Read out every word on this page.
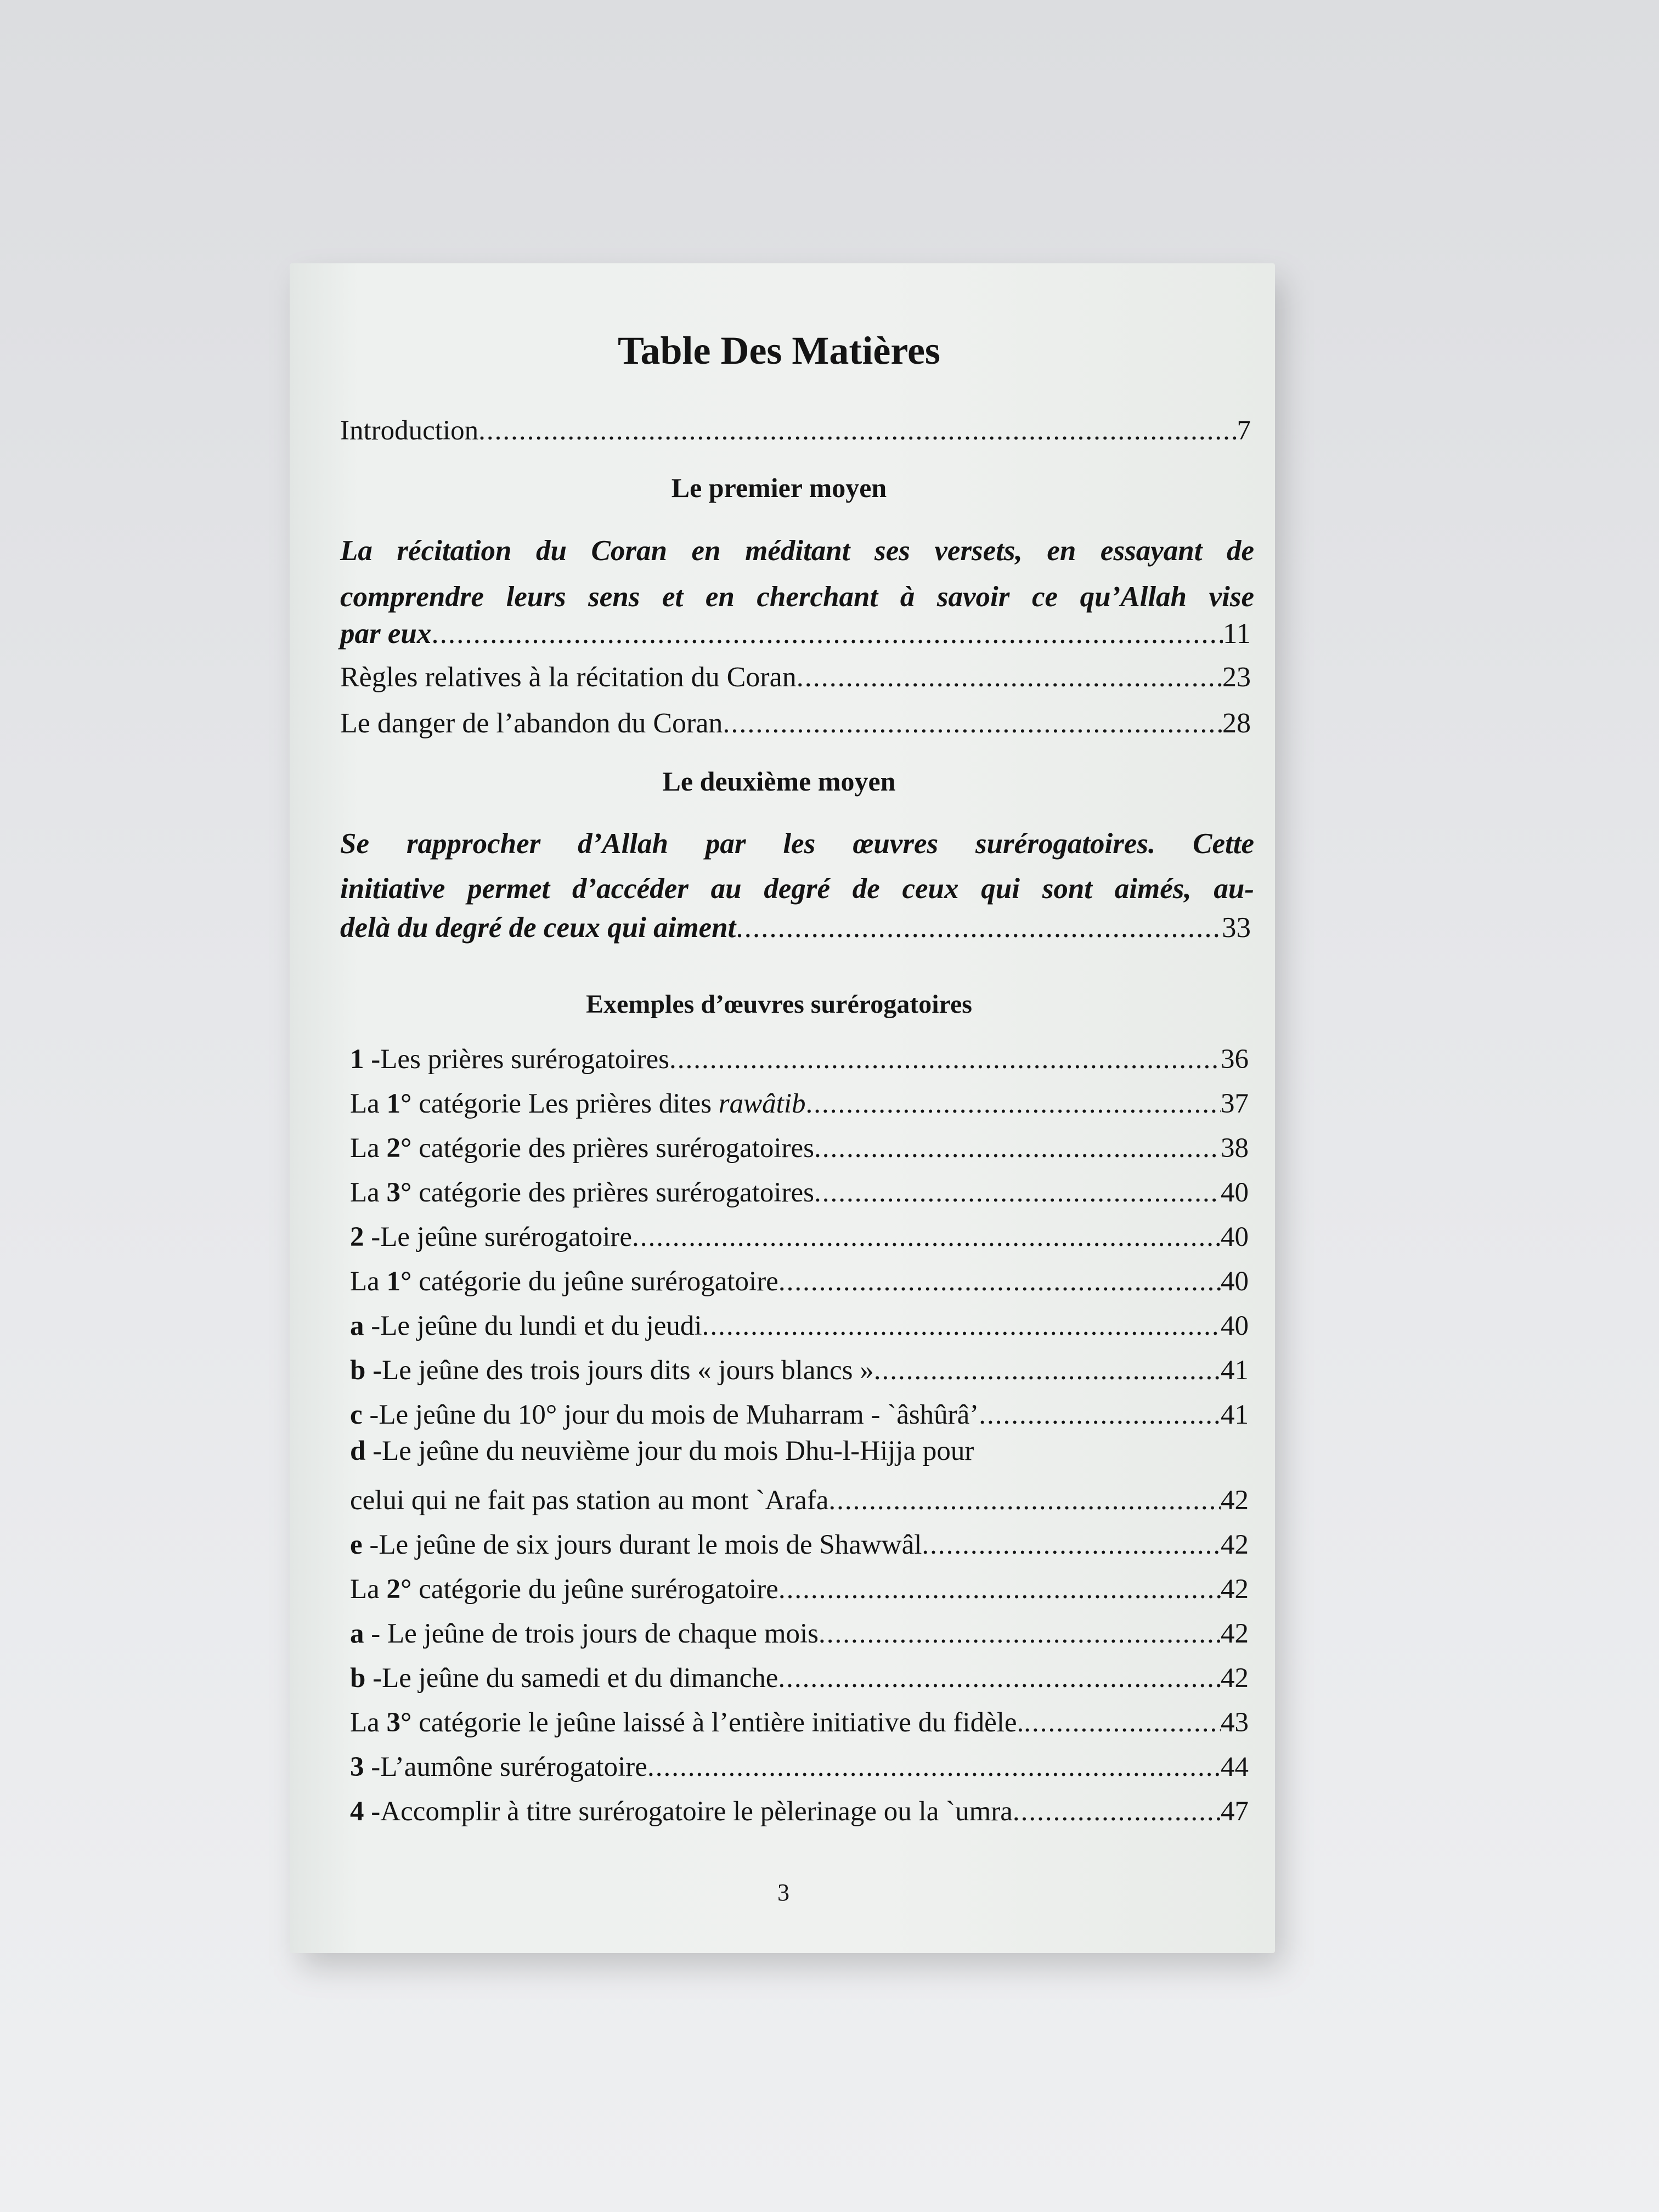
Table Des Matières
Introduction .....	7
Le premier moyen
La récitation du Coran en méditant ses versets, en essayant de
comprendre leurs sens et en cherchant à savoir ce qu’Allah vise
par eux .....	11
Règles relatives à la récitation du Coran .....	23
Le danger de l’abandon du Coran .....	28
Le deuxième moyen
Se rapprocher d’Allah par les œuvres surérogatoires. Cette
initiative permet d’accéder au degré de ceux qui sont aimés, au-
delà du degré de ceux qui aiment .....	33
Exemples d’œuvres surérogatoires
1 -Les prières surérogatoires .....	36
La 1° catégorie Les prières dites rawâtib .....	37
La 2° catégorie des prières surérogatoires .....	38
La 3° catégorie des prières surérogatoires .....	40
2 -Le jeûne surérogatoire .....	40
La 1° catégorie du jeûne surérogatoire .....	40
a -Le jeûne du lundi et du jeudi .....	40
b -Le jeûne des trois jours dits « jours blancs » .....	41
c -Le jeûne du 10° jour du mois de Muharram - `âshûrâ’ .....	41
d -Le jeûne du neuvième jour du mois Dhu-l-Hijja pour
celui qui ne fait pas station au mont `Arafa .....	42
e -Le jeûne de six jours durant le mois de Shawwâl .....	42
La 2° catégorie du jeûne surérogatoire .....	42
a - Le jeûne de trois jours de chaque mois .....	42
b -Le jeûne du samedi et du dimanche .....	42
La 3° catégorie le jeûne laissé à l’entière initiative du fidèle. .....	43
3 -L’aumône surérogatoire .....	44
4 -Accomplir à titre surérogatoire le pèlerinage ou la `umra .....	47
3
